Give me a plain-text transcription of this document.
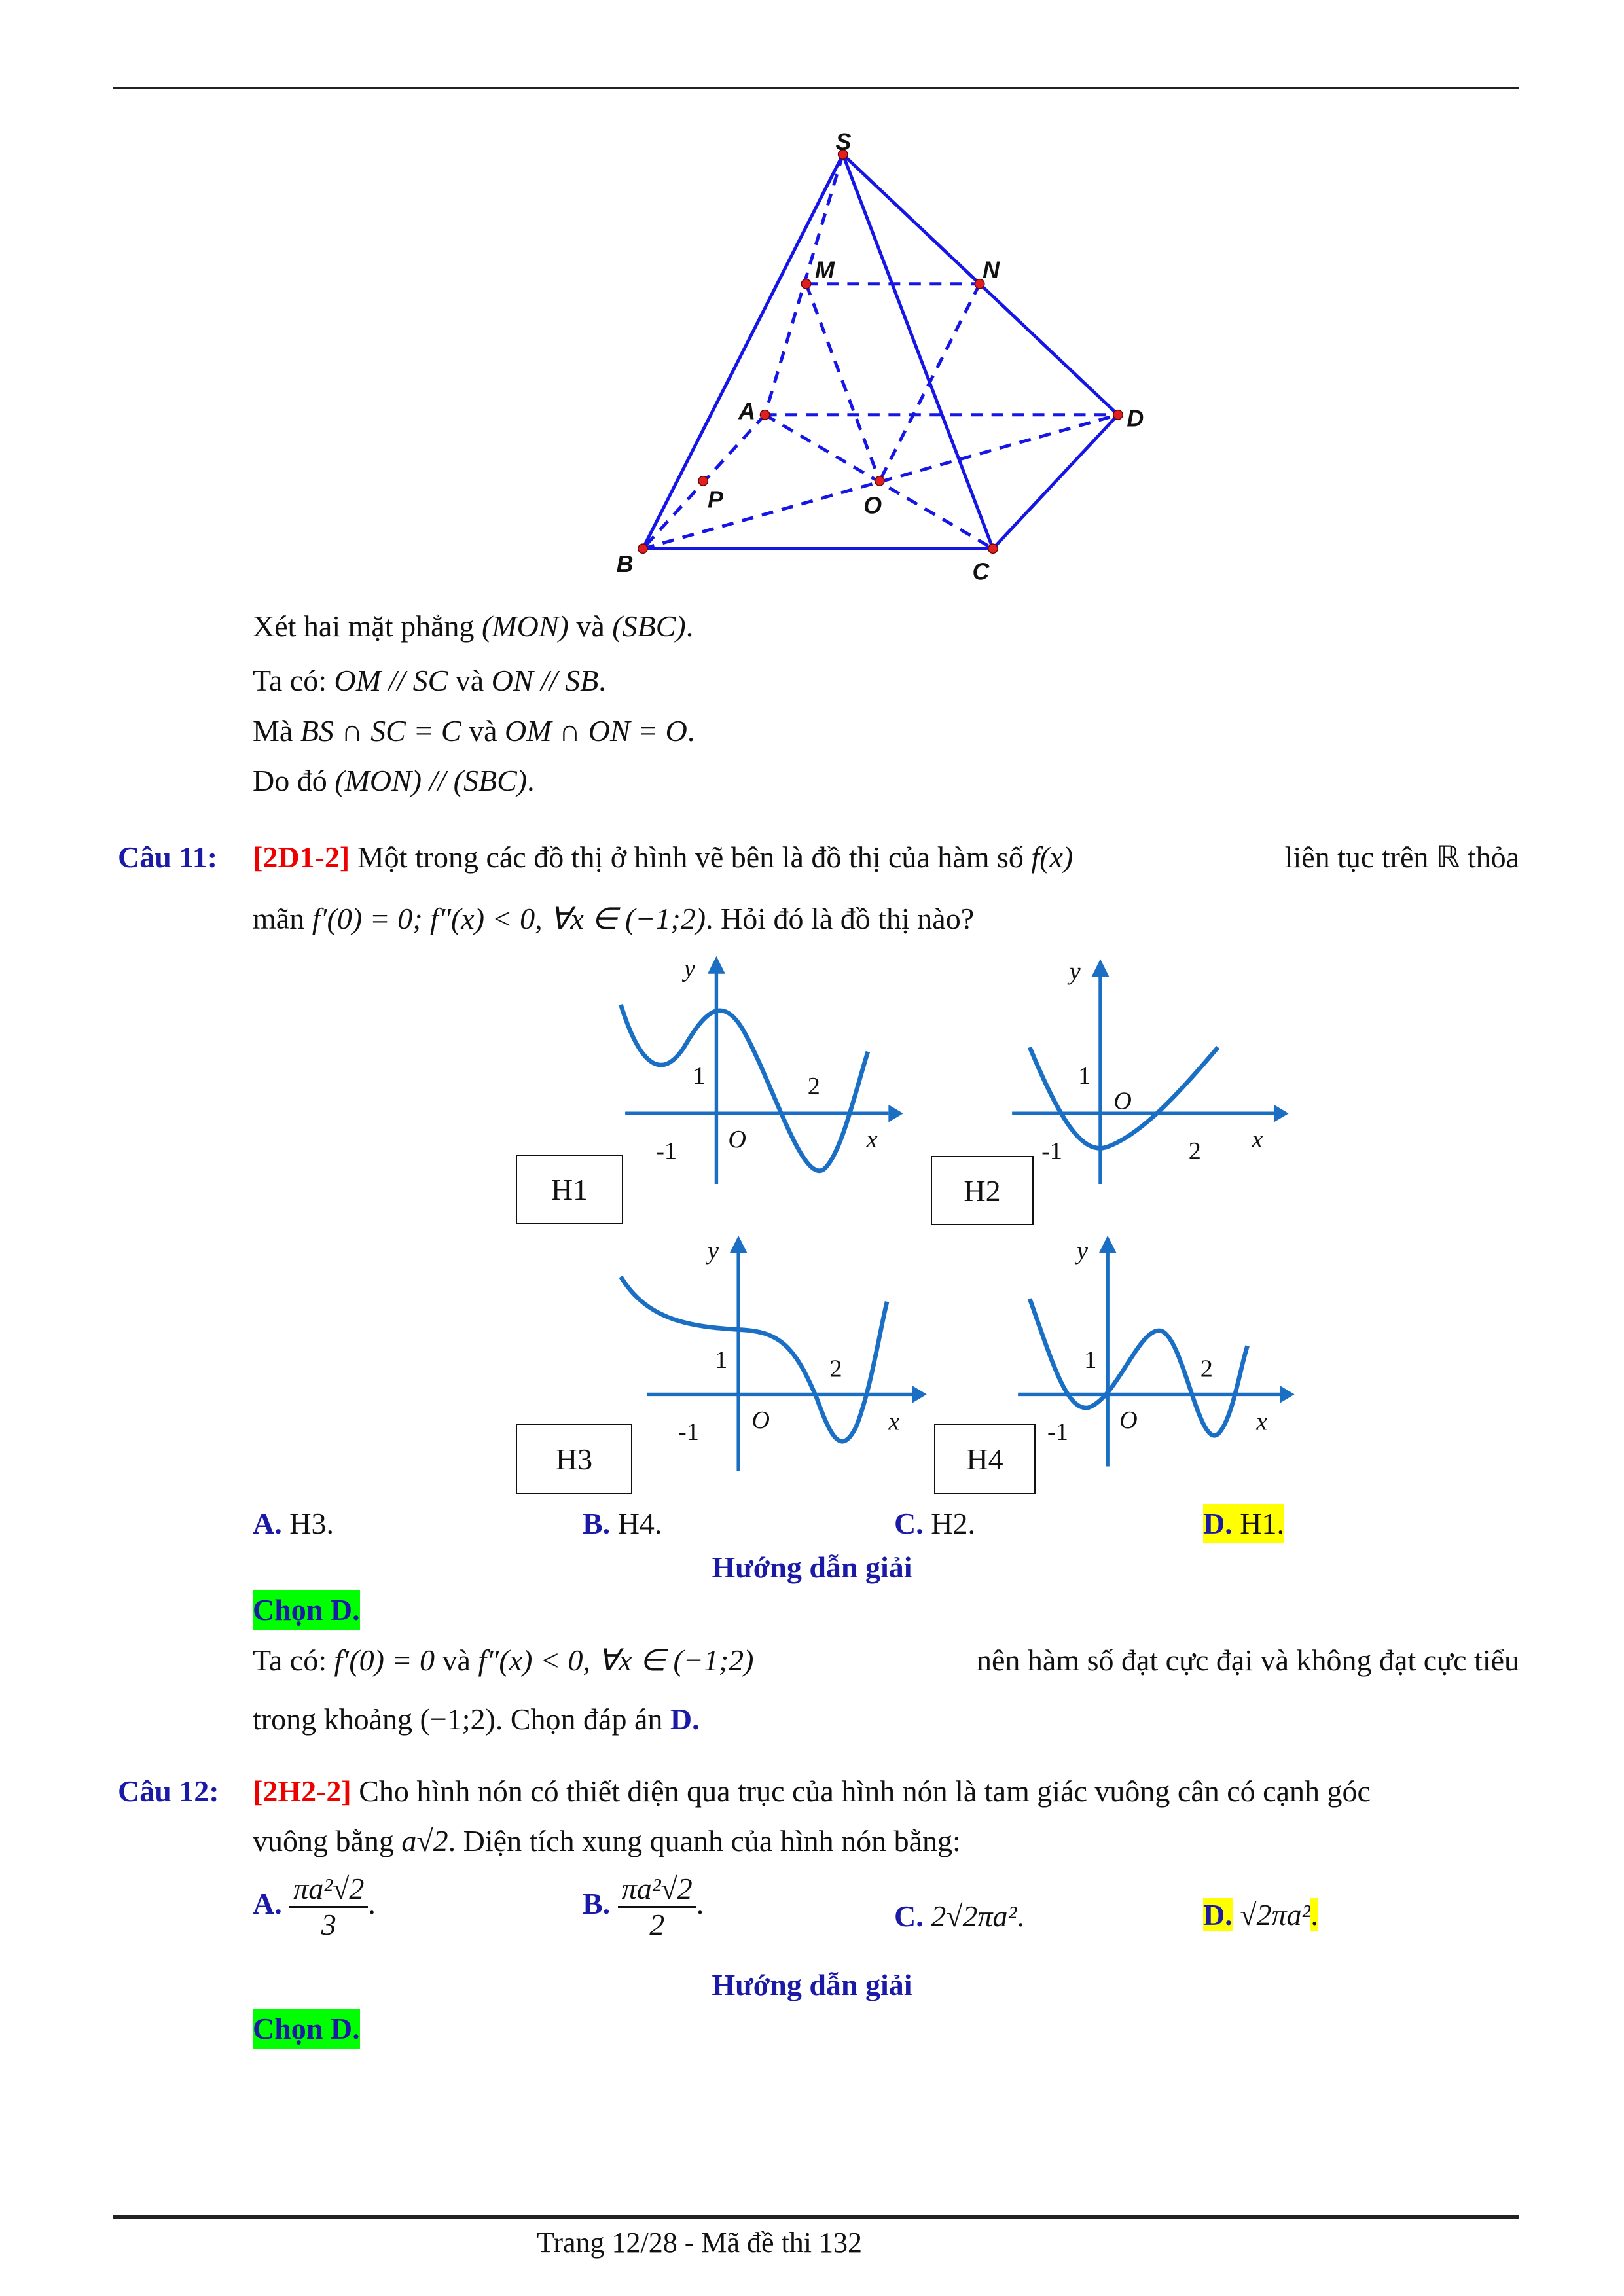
S
M	N
A	D
P	O
B	C
y
1	2
-1	O	x
y
1
O
-1	2	x
y
1	2
-1	O	x
y
1	2
-1	O	x
H1	H2
H3	H4
Xét hai mặt phẳng (MON) và (SBC).
Ta có: OM // SC và ON // SB.
Mà BS ∩ SC = C và OM ∩ ON = O.
Do đó (MON) // (SBC).
Câu 11: [2D1-2] Một trong các đồ thị ở hình vẽ bên là đồ thị của hàm số f(x)	liên tục trên ℝ thỏa
mãn f′(0) = 0; f″(x) < 0, ∀x ∈ (−1;2). Hỏi đó là đồ thị nào?
A. H3.	B. H4.	C. H2.	D. H1.
Hướng dẫn giải
Chọn D.
Ta có: f′(0) = 0 và f″(x) < 0, ∀x ∈ (−1;2)	nên hàm số đạt cực đại và không đạt cực tiểu
trong khoảng (−1;2). Chọn đáp án D.
Câu 12: [2H2-2] Cho hình nón có thiết diện qua trục của hình nón là tam giác vuông cân có cạnh góc
vuông bằng a√2. Diện tích xung quanh của hình nón bằng:
A. $\frac{\text{πa²√2}}{3}$ .	B. $\frac{\text{πa²√2}}{2}$ .	C. 2√2πa².	D. √2πa².
Hướng dẫn giải
Chọn D.
Trang 12/28 - Mã đề thi 132
